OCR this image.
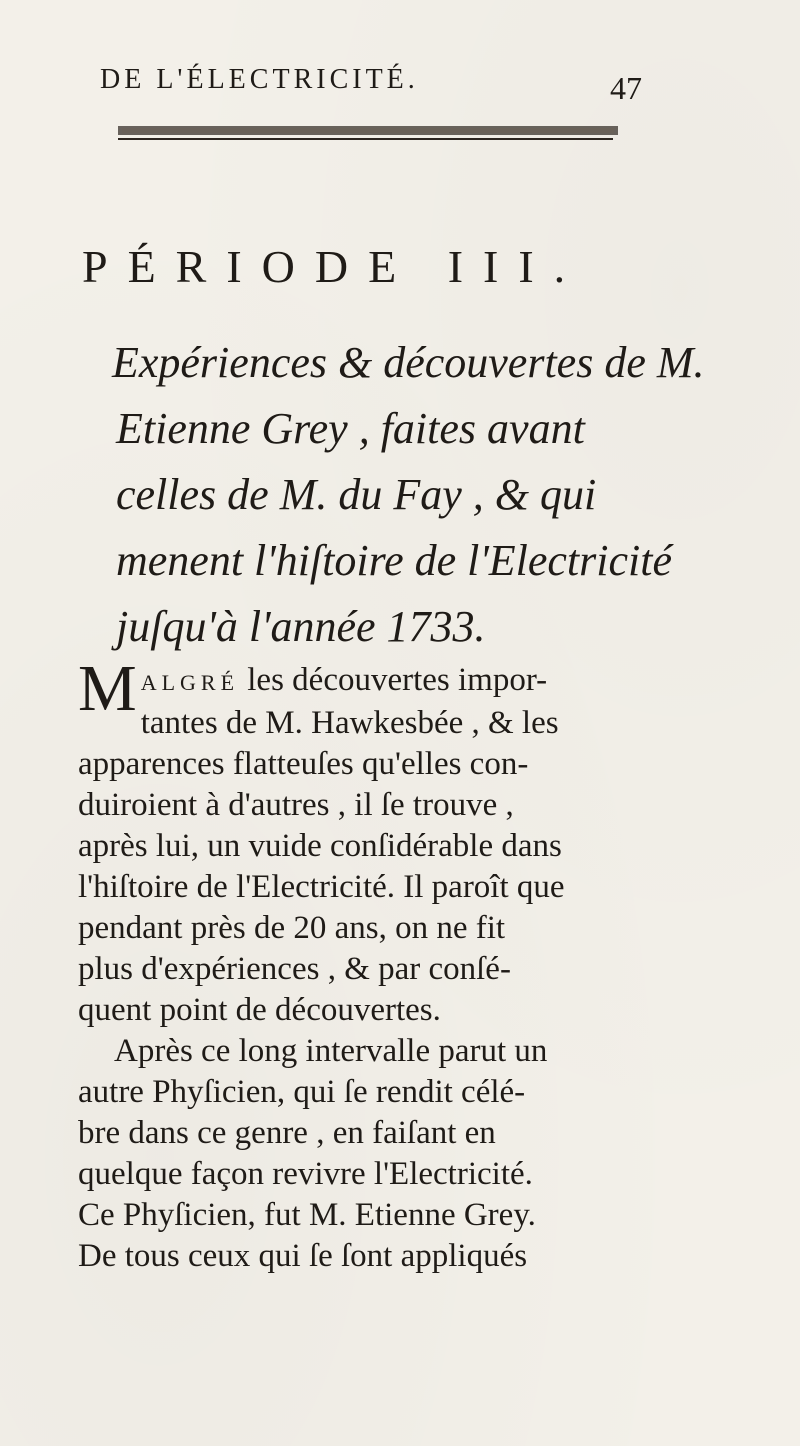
DE L'ÉLECTRICITÉ.	47
PÉRIODE III.
Expériences & découvertes de M.
Etienne Grey , faites avant
celles de M. du Fay , & qui
menent l'hiſtoire de l'Electricité
juſqu'à l'année 1733.
MALGRÉ les découvertes impor-
tantes de M. Hawkesbée , & les
apparences flatteuſes qu'elles con-
duiroient à d'autres , il ſe trouve ,
après lui, un vuide conſidérable dans
l'hiſtoire de l'Electricité. Il paroît que
pendant près de 20 ans, on ne fit
plus d'expériences , & par conſé-
quent point de découvertes.
Après ce long intervalle parut un
autre Phyſicien, qui ſe rendit célé-
bre dans ce genre , en faiſant en
quelque façon revivre l'Electricité.
Ce Phyſicien, fut M. Etienne Grey.
De tous ceux qui ſe ſont appliqués
